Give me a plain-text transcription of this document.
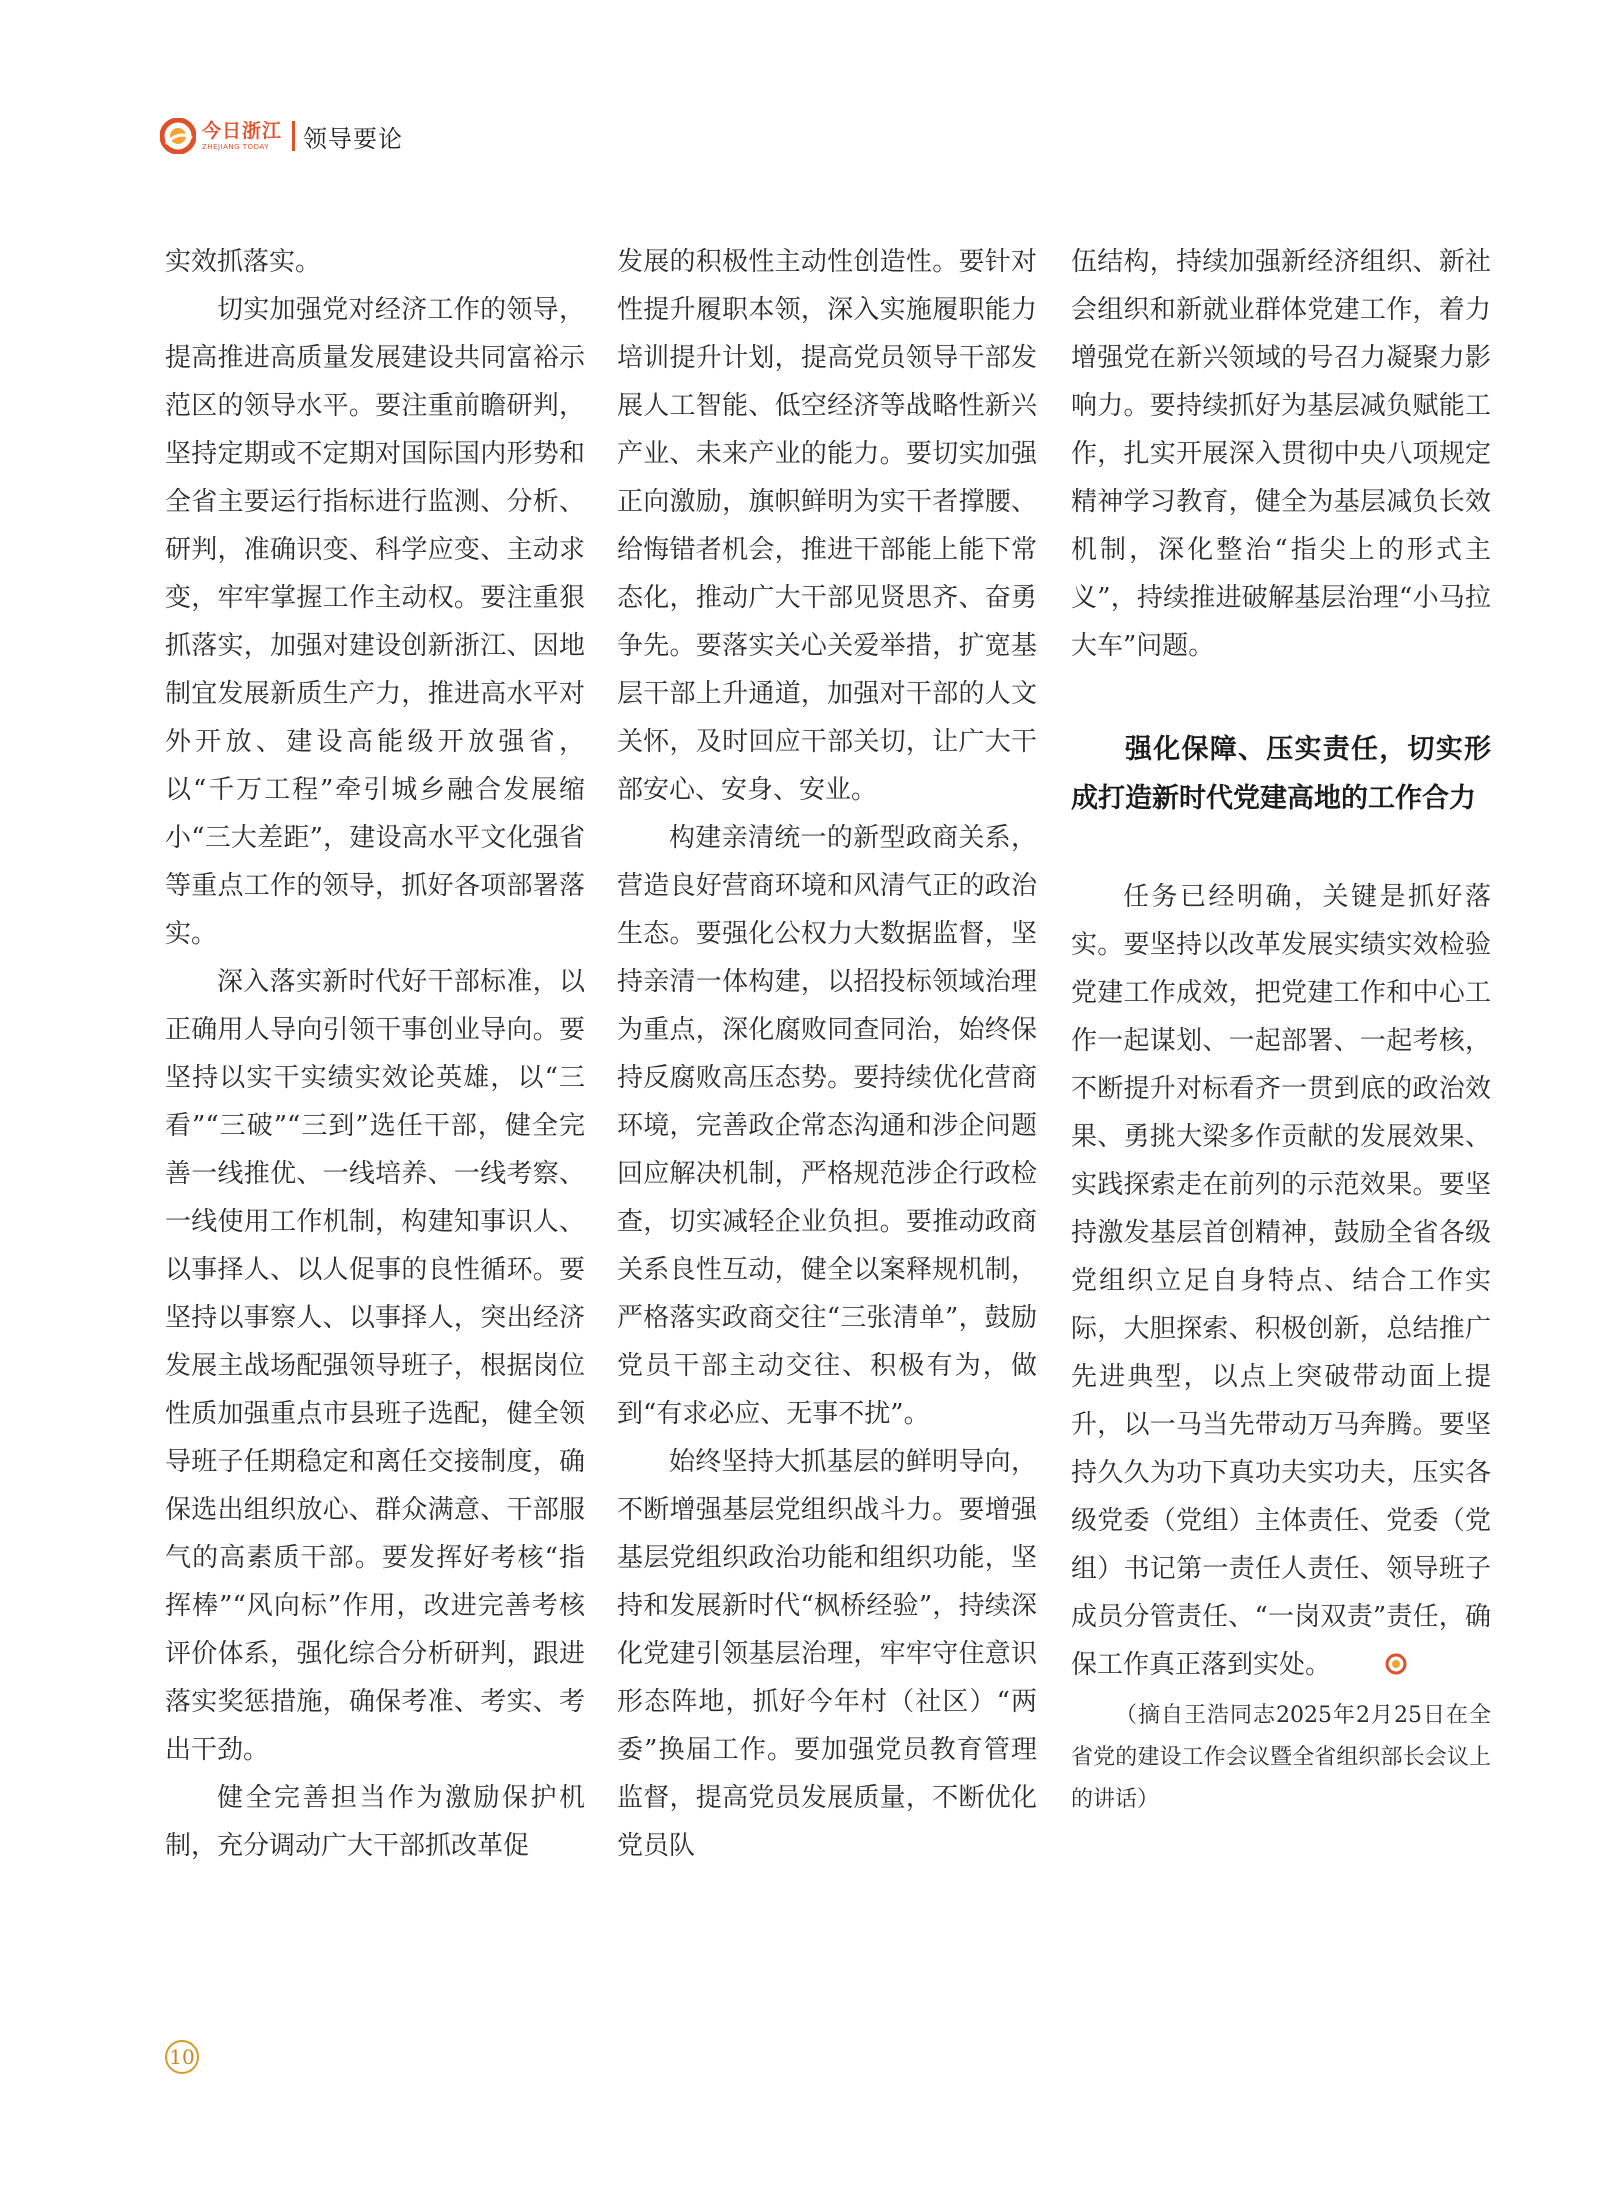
今日浙江
ZHEJIANG TODAY	领导要论

实效抓落实。

切实加强党对经济工作的领导，提高推进高质量发展建设共同富裕示范区的领导水平。要注重前瞻研判，坚持定期或不定期对国际国内形势和全省主要运行指标进行监测、分析、研判，准确识变、科学应变、主动求变，牢牢掌握工作主动权。要注重狠抓落实，加强对建设创新浙江、因地制宜发展新质生产力，推进高水平对外开放、建设高能级开放强省，以“千万工程”牵引城乡融合发展缩小“三大差距”，建设高水平文化强省等重点工作的领导，抓好各项部署落实。

深入落实新时代好干部标准，以正确用人导向引领干事创业导向。要坚持以实干实绩实效论英雄，以“三看”“三破”“三到”选任干部，健全完善一线推优、一线培养、一线考察、一线使用工作机制，构建知事识人、以事择人、以人促事的良性循环。要坚持以事察人、以事择人，突出经济发展主战场配强领导班子，根据岗位性质加强重点市县班子选配，健全领导班子任期稳定和离任交接制度，确保选出组织放心、群众满意、干部服气的高素质干部。要发挥好考核“指挥棒”“风向标”作用，改进完善考核评价体系，强化综合分析研判，跟进落实奖惩措施，确保考准、考实、考出干劲。

健全完善担当作为激励保护机制，充分调动广大干部抓改革促

发展的积极性主动性创造性。要针对性提升履职本领，深入实施履职能力培训提升计划，提高党员领导干部发展人工智能、低空经济等战略性新兴产业、未来产业的能力。要切实加强正向激励，旗帜鲜明为实干者撑腰、给悔错者机会，推进干部能上能下常态化，推动广大干部见贤思齐、奋勇争先。要落实关心关爱举措，扩宽基层干部上升通道，加强对干部的人文关怀，及时回应干部关切，让广大干部安心、安身、安业。

构建亲清统一的新型政商关系，营造良好营商环境和风清气正的政治生态。要强化公权力大数据监督，坚持亲清一体构建，以招投标领域治理为重点，深化腐败同查同治，始终保持反腐败高压态势。要持续优化营商环境，完善政企常态沟通和涉企问题回应解决机制，严格规范涉企行政检查，切实减轻企业负担。要推动政商关系良性互动，健全以案释规机制，严格落实政商交往“三张清单”，鼓励党员干部主动交往、积极有为，做到“有求必应、无事不扰”。

始终坚持大抓基层的鲜明导向，不断增强基层党组织战斗力。要增强基层党组织政治功能和组织功能，坚持和发展新时代“枫桥经验”，持续深化党建引领基层治理，牢牢守住意识形态阵地，抓好今年村（社区）“两委”换届工作。要加强党员教育管理监督，提高党员发展质量，不断优化党员队

伍结构，持续加强新经济组织、新社会组织和新就业群体党建工作，着力增强党在新兴领域的号召力凝聚力影响力。要持续抓好为基层减负赋能工作，扎实开展深入贯彻中央八项规定精神学习教育，健全为基层减负长效机制，深化整治“指尖上的形式主义”，持续推进破解基层治理“小马拉大车”问题。

强化保障、压实责任，切实形成打造新时代党建高地的工作合力

任务已经明确，关键是抓好落实。要坚持以改革发展实绩实效检验党建工作成效，把党建工作和中心工作一起谋划、一起部署、一起考核，不断提升对标看齐一贯到底的政治效果、勇挑大梁多作贡献的发展效果、实践探索走在前列的示范效果。要坚持激发基层首创精神，鼓励全省各级党组织立足自身特点、结合工作实际，大胆探索、积极创新，总结推广先进典型，以点上突破带动面上提升，以一马当先带动万马奔腾。要坚持久久为功下真功夫实功夫，压实各级党委（党组）主体责任、党委（党组）书记第一责任人责任、领导班子成员分管责任、“一岗双责”责任，确保工作真正落到实处。

（摘自王浩同志2025年2月25日在全省党的建设工作会议暨全省组织部长会议上的讲话）

10
